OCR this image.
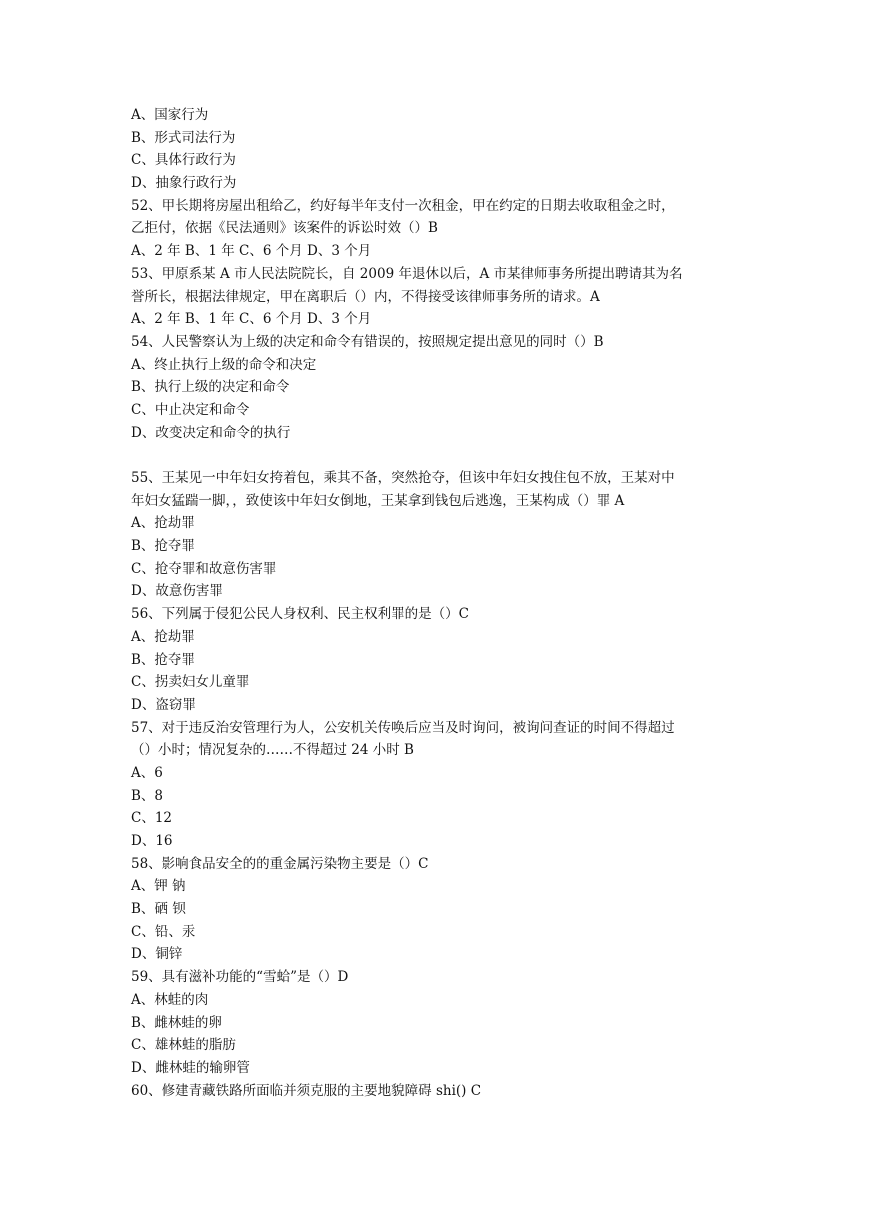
A、国家行为
B、形式司法行为
C、具体行政行为
D、抽象行政行为
52、甲长期将房屋出租给乙，约好每半年支付一次租金，甲在约定的日期去收取租金之时，
乙拒付，依据《民法通则》该案件的诉讼时效（）B
A、2 年 B、1 年 C、6 个月 D、3 个月
53、甲原系某 A 市人民法院院长，自 2009 年退休以后，A 市某律师事务所提出聘请其为名
誉所长，根据法律规定，甲在离职后（）内，不得接受该律师事务所的请求。A
A、2 年 B、1 年 C、6 个月 D、3 个月
54、人民警察认为上级的决定和命令有错误的，按照规定提出意见的同时（）B
A、终止执行上级的命令和决定
B、执行上级的决定和命令
C、中止决定和命令
D、改变决定和命令的执行
55、王某见一中年妇女挎着包，乘其不备，突然抢夺，但该中年妇女拽住包不放，王某对中
年妇女猛踹一脚，，致使该中年妇女倒地，王某拿到钱包后逃逸，王某构成（）罪 A
A、抢劫罪
B、抢夺罪
C、抢夺罪和故意伤害罪
D、故意伤害罪
56、下列属于侵犯公民人身权利、民主权利罪的是（）C
A、抢劫罪
B、抢夺罪
C、拐卖妇女儿童罪
D、盗窃罪
57、对于违反治安管理行为人，公安机关传唤后应当及时询问，被询问查证的时间不得超过
（）小时；情况复杂的……不得超过 24 小时 B
A、6
B、8
C、12
D、16
58、影响食品安全的的重金属污染物主要是（）C
A、钾 钠
B、硒 钡
C、铅、汞
D、铜锌
59、具有滋补功能的“雪蛤”是（）D
A、林蛙的肉
B、雌林蛙的卵
C、雄林蛙的脂肪
D、雌林蛙的输卵管
60、修建青藏铁路所面临并须克服的主要地貌障碍 shi() C
